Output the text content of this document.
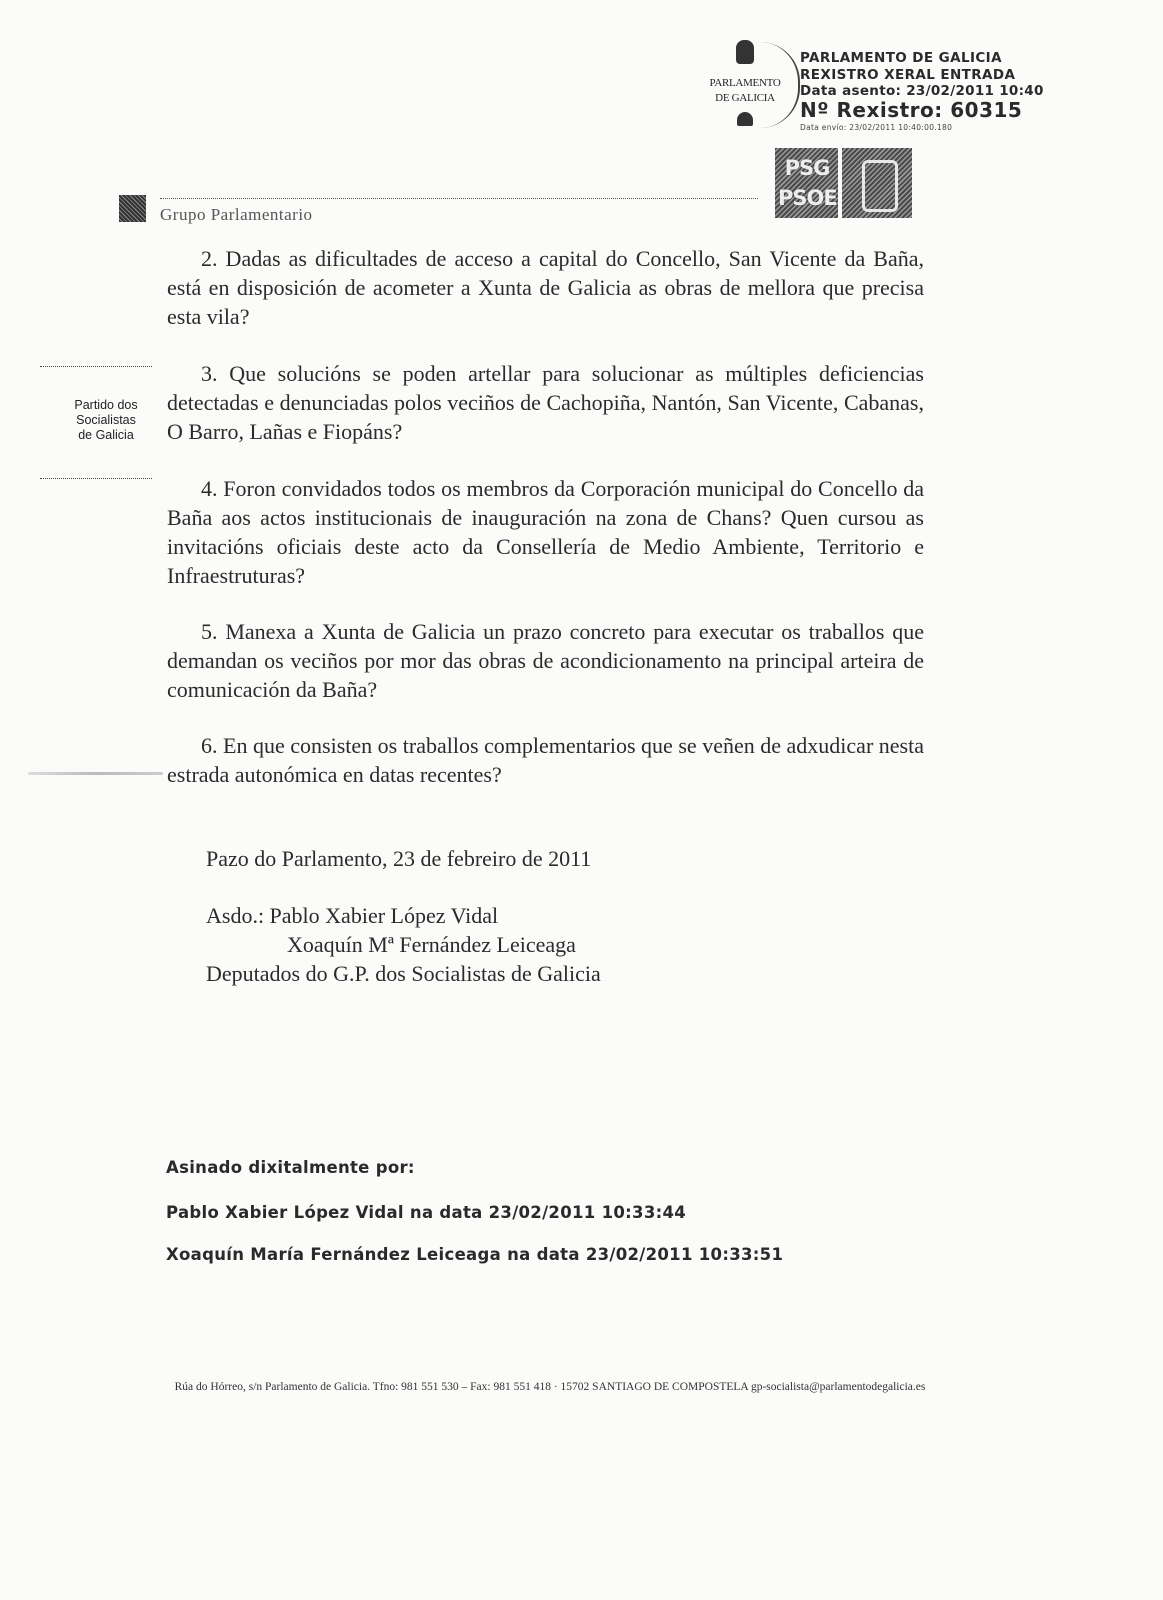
PARLAMENTO
DE GALICIA
PARLAMENTO DE GALICIA
REXISTRO XERAL ENTRADA
Data asento: 23/02/2011 10:40
Nº Rexistro: 60315
Data envío: 23/02/2011 10:40:00.180
Grupo Parlamentario
PSG
PSOE
Partido dos
Socialistas
de Galicia
2. Dadas as dificultades de acceso a capital do Concello, San Vicente da Baña, está en disposición de acometer a Xunta de Galicia as obras de mellora que precisa esta vila?
3. Que solucións se poden artellar para solucionar as múltiples deficiencias detectadas e denunciadas polos veciños de Cachopiña, Nantón, San Vicente, Cabanas, O Barro, Lañas e Fiopáns?
4. Foron convidados todos os membros da Corporación municipal do Concello da Baña aos actos institucionais de inauguración na zona de Chans? Quen cursou as invitacións oficiais deste acto da Consellería de Medio Ambiente, Territorio e Infraestruturas?
5. Manexa a Xunta de Galicia un prazo concreto para executar os traballos que demandan os veciños por mor das obras de acondicionamento na principal arteira de comunicación da Baña?
6. En que consisten os traballos complementarios que se veñen de adxudicar nesta estrada autonómica en datas recentes?
Pazo do Parlamento, 23 de febreiro de 2011
Asdo.: Pablo Xabier López Vidal
Xoaquín Mª Fernández Leiceaga
Deputados do G.P. dos Socialistas de Galicia
Asinado dixitalmente por:
Pablo Xabier López Vidal na data 23/02/2011 10:33:44
Xoaquín María Fernández Leiceaga na data 23/02/2011 10:33:51
Rúa do Hórreo, s/n Parlamento de Galicia. Tfno: 981 551 530 – Fax: 981 551 418 · 15702 SANTIAGO DE COMPOSTELA gp-socialista@parlamentodegalicia.es
